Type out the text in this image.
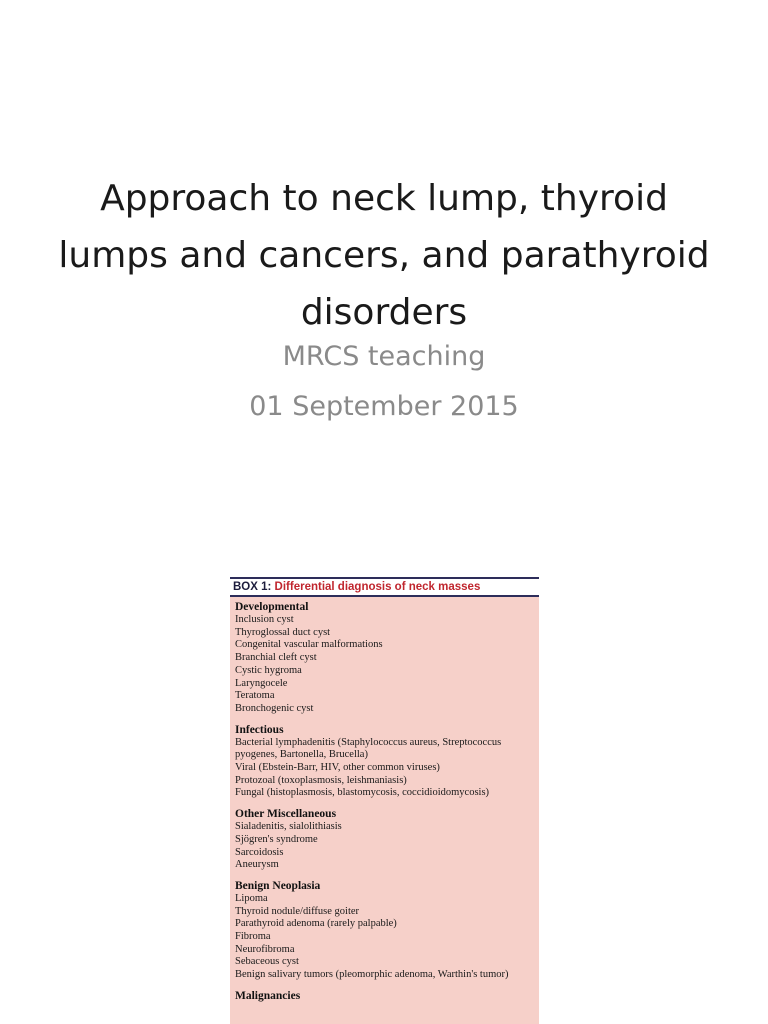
Approach to neck lump, thyroid
lumps and cancers, and parathyroid
disorders
MRCS teaching
01 September 2015
BOX 1: Differential diagnosis of neck masses
Developmental
Inclusion cyst
Thyroglossal duct cyst
Congenital vascular malformations
Branchial cleft cyst
Cystic hygroma
Laryngocele
Teratoma
Bronchogenic cyst
Infectious
Bacterial lymphadenitis (Staphylococcus aureus, Streptococcus pyogenes, Bartonella, Brucella)
Viral (Ebstein-Barr, HIV, other common viruses)
Protozoal (toxoplasmosis, leishmaniasis)
Fungal (histoplasmosis, blastomycosis, coccidioidomycosis)
Other Miscellaneous
Sialadenitis, sialolithiasis
Sjögren's syndrome
Sarcoidosis
Aneurysm
Benign Neoplasia
Lipoma
Thyroid nodule/diffuse goiter
Parathyroid adenoma (rarely palpable)
Fibroma
Neurofibroma
Sebaceous cyst
Benign salivary tumors (pleomorphic adenoma, Warthin's tumor)
Malignancies
